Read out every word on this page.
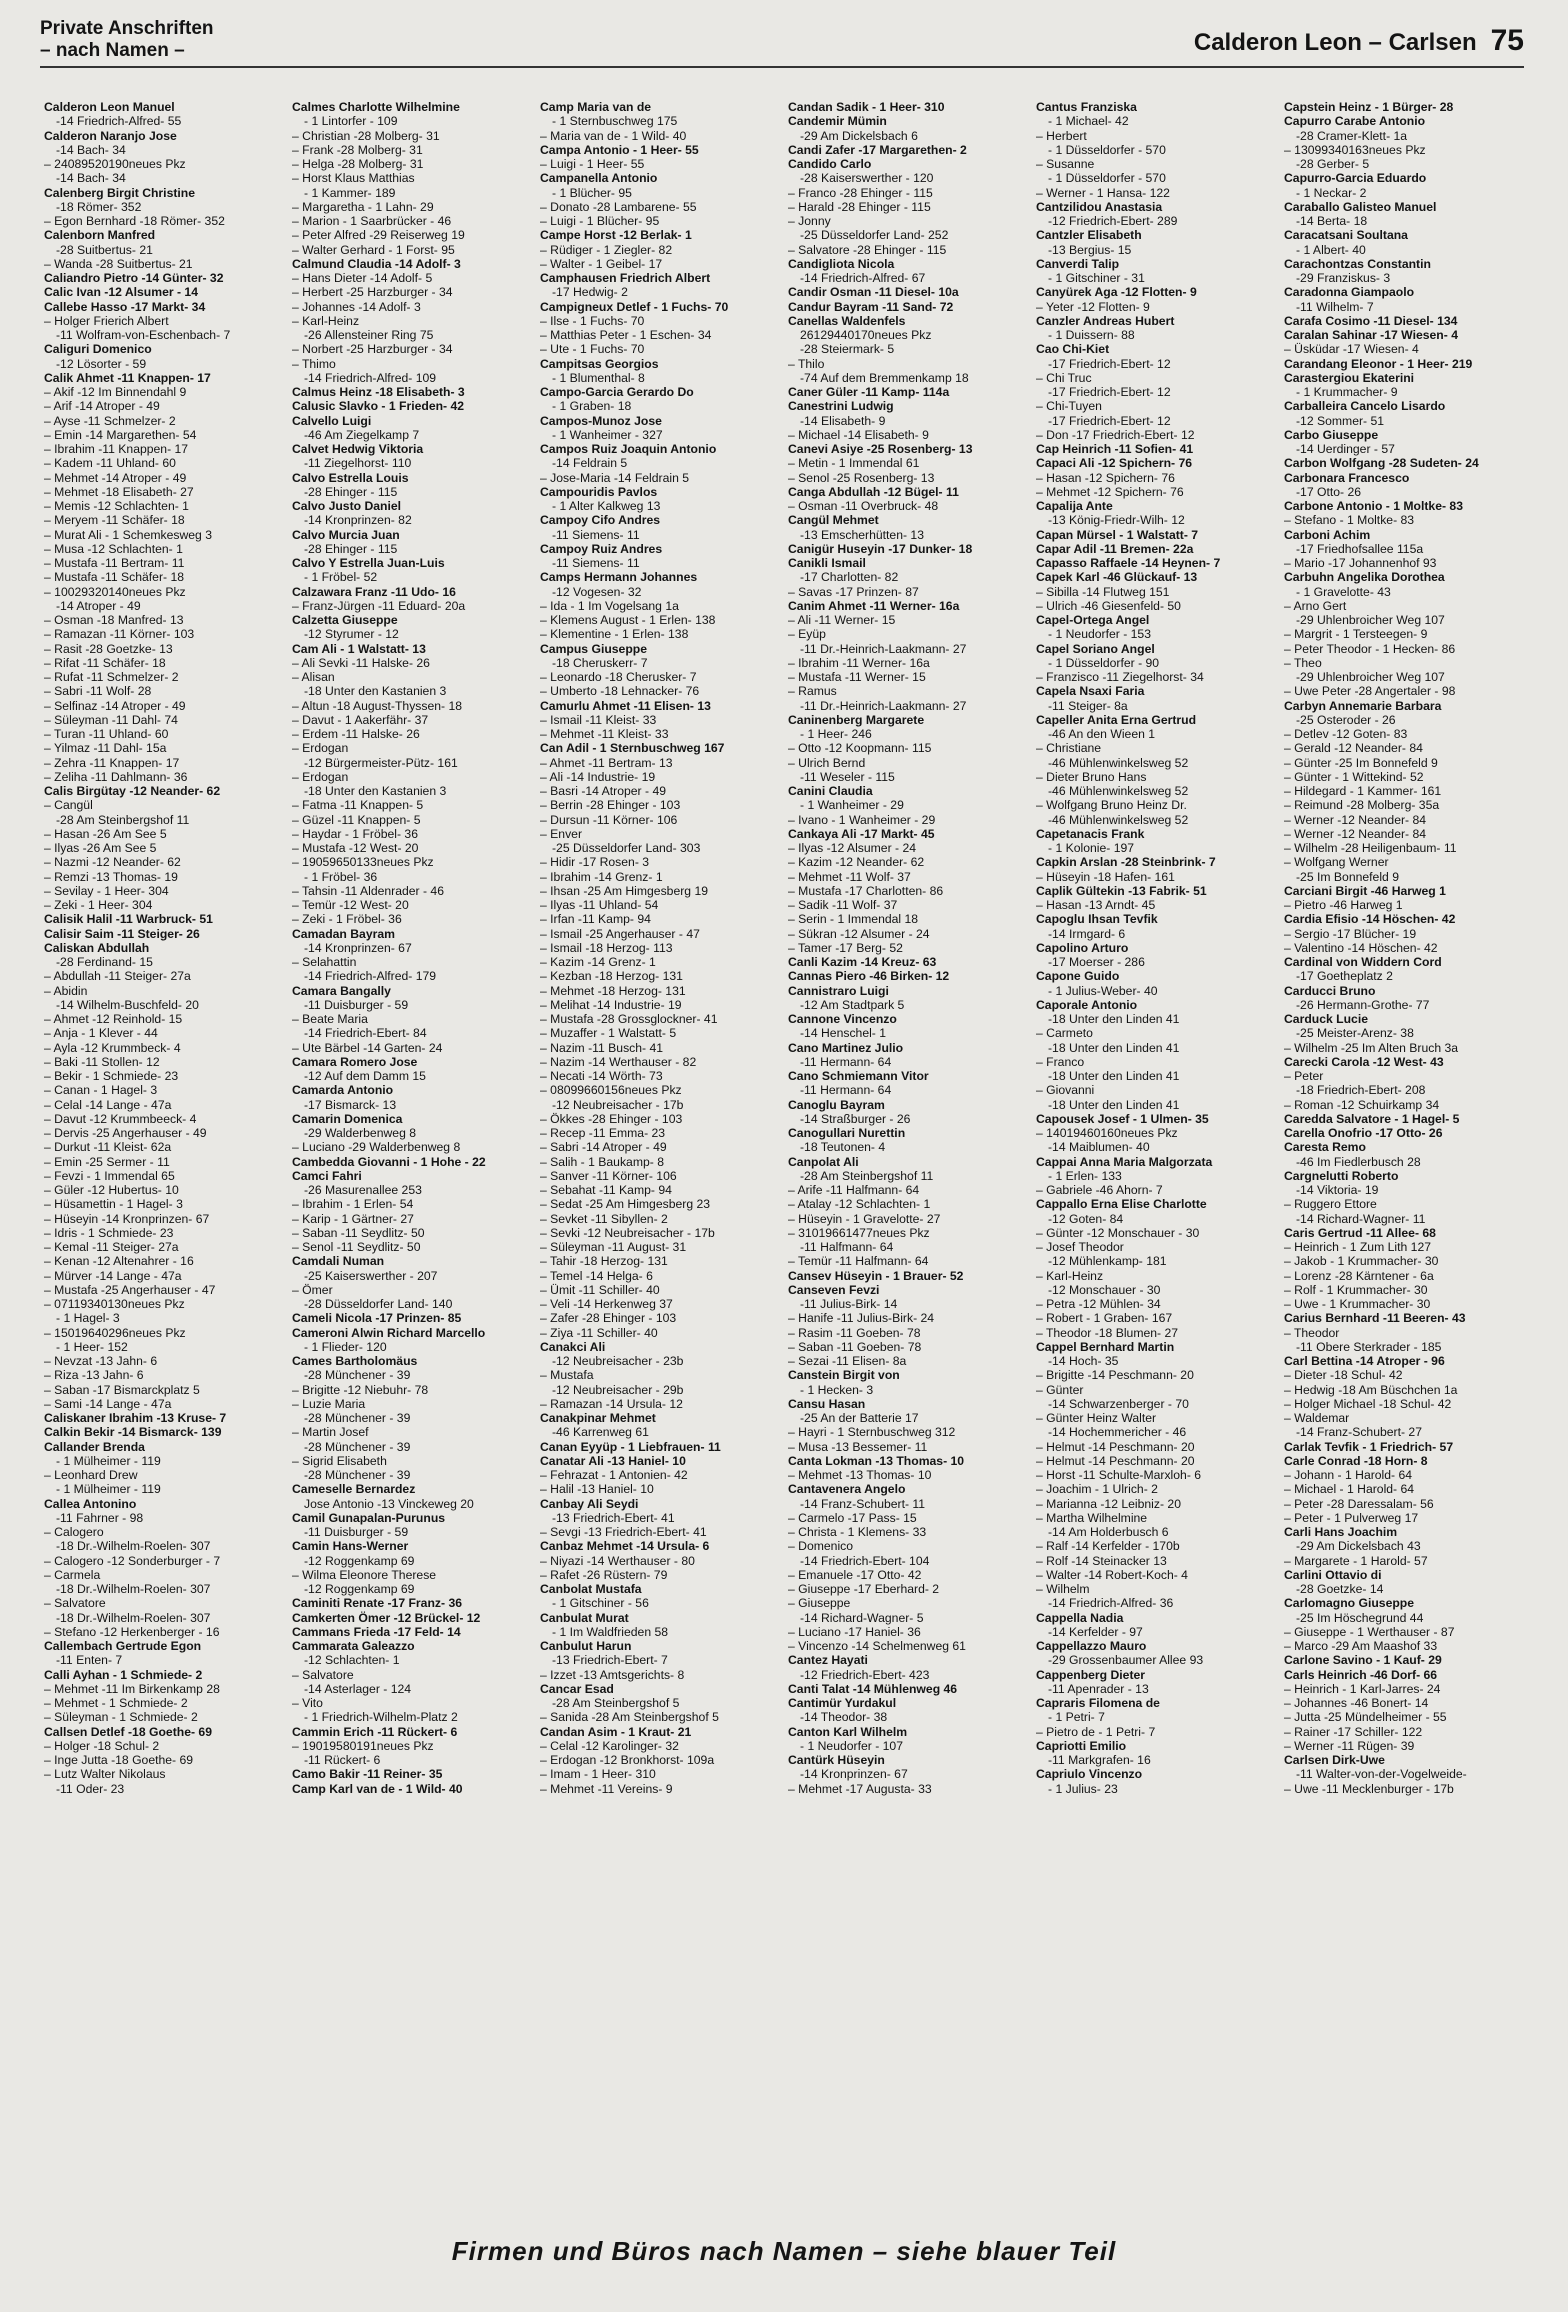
Private Anschriften
– nach Namen –	Calderon Leon – Carlsen 75
Calderon Leon Manuel
-14 Friedrich-Alfred- 55
Calderon Naranjo Jose
-14 Bach- 34
– 24089520190neues Pkz
-14 Bach- 34
Calenberg Birgit Christine
-18 Römer- 352
– Egon Bernhard -18 Römer- 352
Calenborn Manfred
-28 Suitbertus- 21
– Wanda -28 Suitbertus- 21
Caliandro Pietro -14 Günter- 32
Calic Ivan -12 Alsumer - 14
Callebe Hasso -17 Markt- 34
– Holger Frierich Albert
-11 Wolfram-von-Eschenbach- 7
Caliguri Domenico
-12 Lösorter - 59
Calik Ahmet -11 Knappen- 17
– Akif -12 Im Binnendahl 9
– Arif -14 Atroper - 49
– Ayse -11 Schmelzer- 2
– Emin -14 Margarethen- 54
– Ibrahim -11 Knappen- 17
– Kadem -11 Uhland- 60
– Mehmet -14 Atroper - 49
– Mehmet -18 Elisabeth- 27
– Memis -12 Schlachten- 1
– Meryem -11 Schäfer- 18
– Murat Ali - 1 Schemkesweg 3
– Musa -12 Schlachten- 1
– Mustafa -11 Bertram- 11
– Mustafa -11 Schäfer- 18
– 10029320140neues Pkz
-14 Atroper - 49
– Osman -18 Manfred- 13
– Ramazan -11 Körner- 103
– Rasit -28 Goetzke- 13
– Rifat -11 Schäfer- 18
– Rufat -11 Schmelzer- 2
– Sabri -11 Wolf- 28
– Selfinaz -14 Atroper - 49
– Süleyman -11 Dahl- 74
– Turan -11 Uhland- 60
– Yilmaz -11 Dahl- 15a
– Zehra -11 Knappen- 17
– Zeliha -11 Dahlmann- 36
Calis Birgütay -12 Neander- 62
– Cangül
-28 Am Steinbergshof 11
– Hasan -26 Am See 5
– Ilyas -26 Am See 5
– Nazmi -12 Neander- 62
– Remzi -13 Thomas- 19
– Sevilay - 1 Heer- 304
– Zeki - 1 Heer- 304
Calisik Halil -11 Warbruck- 51
Calisir Saim -11 Steiger- 26
Caliskan Abdullah
-28 Ferdinand- 15
– Abdullah -11 Steiger- 27a
– Abidin
-14 Wilhelm-Buschfeld- 20
– Ahmet -12 Reinhold- 15
– Anja - 1 Klever - 44
– Ayla -12 Krummbeck- 4
– Baki -11 Stollen- 12
– Bekir - 1 Schmiede- 23
– Canan - 1 Hagel- 3
– Celal -14 Lange - 47a
– Davut -12 Krummbeeck- 4
– Dervis -25 Angerhauser - 49
– Durkut -11 Kleist- 62a
– Emin -25 Sermer - 11
– Fevzi - 1 Immendal 65
– Güler -12 Hubertus- 10
– Hüsamettin - 1 Hagel- 3
– Hüseyin -14 Kronprinzen- 67
– Idris - 1 Schmiede- 23
– Kemal -11 Steiger- 27a
– Kenan -12 Altenahrer - 16
– Mürver -14 Lange - 47a
– Mustafa -25 Angerhauser - 47
– 07119340130neues Pkz
- 1 Hagel- 3
– 15019640296neues Pkz
- 1 Heer- 152
– Nevzat -13 Jahn- 6
– Riza -13 Jahn- 6
– Saban -17 Bismarckplatz 5
– Sami -14 Lange - 47a
Caliskaner Ibrahim -13 Kruse- 7
Calkin Bekir -14 Bismarck- 139
Callander Brenda
- 1 Mülheimer - 119
– Leonhard Drew
- 1 Mülheimer - 119
Callea Antonino
-11 Fahrner - 98
– Calogero
-18 Dr.-Wilhelm-Roelen- 307
– Calogero -12 Sonderburger - 7
– Carmela
-18 Dr.-Wilhelm-Roelen- 307
– Salvatore
-18 Dr.-Wilhelm-Roelen- 307
– Stefano -12 Herkenberger - 16
Callembach Gertrude Egon
-11 Enten- 7
Calli Ayhan - 1 Schmiede- 2
– Mehmet -11 Im Birkenkamp 28
– Mehmet - 1 Schmiede- 2
– Süleyman - 1 Schmiede- 2
Callsen Detlef -18 Goethe- 69
– Holger -18 Schul- 2
– Inge Jutta -18 Goethe- 69
– Lutz Walter Nikolaus
-11 Oder- 23
Calmes Charlotte Wilhelmine
- 1 Lintorfer - 109
– Christian -28 Molberg- 31
– Frank -28 Molberg- 31
– Helga -28 Molberg- 31
– Horst Klaus Matthias
- 1 Kammer- 189
– Margaretha - 1 Lahn- 29
– Marion - 1 Saarbrücker - 46
– Peter Alfred -29 Reiserweg 19
– Walter Gerhard - 1 Forst- 95
Calmund Claudia -14 Adolf- 3
– Hans Dieter -14 Adolf- 5
– Herbert -25 Harzburger - 34
– Johannes -14 Adolf- 3
– Karl-Heinz
-26 Allensteiner Ring 75
– Norbert -25 Harzburger - 34
– Thimo
-14 Friedrich-Alfred- 109
Calmus Heinz -18 Elisabeth- 3
Calusic Slavko - 1 Frieden- 42
Calvello Luigi
-46 Am Ziegelkamp 7
Calvet Hedwig Viktoria
-11 Ziegelhorst- 110
Calvo Estrella Louis
-28 Ehinger - 115
Calvo Justo Daniel
-14 Kronprinzen- 82
Calvo Murcia Juan
-28 Ehinger - 115
Calvo Y Estrella Juan-Luis
- 1 Fröbel- 52
Calzawara Franz -11 Udo- 16
– Franz-Jürgen -11 Eduard- 20a
Calzetta Giuseppe
-12 Styrumer - 12
Cam Ali - 1 Walstatt- 13
– Ali Sevki -11 Halske- 26
– Alisan
-18 Unter den Kastanien 3
– Altun -18 August-Thyssen- 18
– Davut - 1 Aakerfähr- 37
– Erdem -11 Halske- 26
– Erdogan
-12 Bürgermeister-Pütz- 161
– Erdogan
-18 Unter den Kastanien 3
– Fatma -11 Knappen- 5
– Güzel -11 Knappen- 5
– Haydar - 1 Fröbel- 36
– Mustafa -12 West- 20
– 19059650133neues Pkz
- 1 Fröbel- 36
– Tahsin -11 Aldenrader - 46
– Temür -12 West- 20
– Zeki - 1 Fröbel- 36
Camadan Bayram
-14 Kronprinzen- 67
– Selahattin
-14 Friedrich-Alfred- 179
Camara Bangally
-11 Duisburger - 59
– Beate Maria
-14 Friedrich-Ebert- 84
– Ute Bärbel -14 Garten- 24
Camara Romero Jose
-12 Auf dem Damm 15
Camarda Antonio
-17 Bismarck- 13
Camarin Domenica
-29 Walderbenweg 8
– Luciano -29 Walderbenweg 8
Cambedda Giovanni - 1 Hohe - 22
Camci Fahri
-26 Masurenallee 253
– Ibrahim - 1 Erlen- 54
– Karip - 1 Gärtner- 27
– Saban -11 Seydlitz- 50
– Senol -11 Seydlitz- 50
Camdali Numan
-25 Kaiserswerther - 207
– Ömer
-28 Düsseldorfer Land- 140
Cameli Nicola -17 Prinzen- 85
Cameroni Alwin Richard Marcello
- 1 Flieder- 120
Cames Bartholomäus
-28 Münchener - 39
– Brigitte -12 Niebuhr- 78
– Luzie Maria
-28 Münchener - 39
– Martin Josef
-28 Münchener - 39
– Sigrid Elisabeth
-28 Münchener - 39
Cameselle Bernardez
Jose Antonio -13 Vinckeweg 20
Camil Gunapalan-Purunus
-11 Duisburger - 59
Camin Hans-Werner
-12 Roggenkamp 69
– Wilma Eleonore Therese
-12 Roggenkamp 69
Caminiti Renate -17 Franz- 36
Camkerten Ömer -12 Brückel- 12
Cammans Frieda -17 Feld- 14
Cammarata Galeazzo
-12 Schlachten- 1
– Salvatore
-14 Asterlager - 124
– Vito
- 1 Friedrich-Wilhelm-Platz 2
Cammin Erich -11 Rückert- 6
– 19019580191neues Pkz
-11 Rückert- 6
Camo Bakir -11 Reiner- 35
Camp Karl van de - 1 Wild- 40
Camp Maria van de
- 1 Sternbuschweg 175
– Maria van de - 1 Wild- 40
Campa Antonio - 1 Heer- 55
– Luigi - 1 Heer- 55
Campanella Antonio
- 1 Blücher- 95
– Donato -28 Lambarene- 55
– Luigi - 1 Blücher- 95
Campe Horst -12 Berlak- 1
– Rüdiger - 1 Ziegler- 82
– Walter - 1 Geibel- 17
Camphausen Friedrich Albert
-17 Hedwig- 2
Campigneux Detlef - 1 Fuchs- 70
– Ilse - 1 Fuchs- 70
– Matthias Peter - 1 Eschen- 34
– Ute - 1 Fuchs- 70
Campitsas Georgios
- 1 Blumenthal- 8
Campo-Garcia Gerardo Do
- 1 Graben- 18
Campos-Munoz Jose
- 1 Wanheimer - 327
Campos Ruiz Joaquin Antonio
-14 Feldrain 5
– Jose-Maria -14 Feldrain 5
Campouridis Pavlos
- 1 Alter Kalkweg 13
Campoy Cifo Andres
-11 Siemens- 11
Campoy Ruiz Andres
-11 Siemens- 11
Camps Hermann Johannes
-12 Vogesen- 32
– Ida - 1 Im Vogelsang 1a
– Klemens August - 1 Erlen- 138
– Klementine - 1 Erlen- 138
Campus Giuseppe
-18 Cheruskerr- 7
– Leonardo -18 Cherusker- 7
– Umberto -18 Lehnacker- 76
Camurlu Ahmet -11 Elisen- 13
– Ismail -11 Kleist- 33
– Mehmet -11 Kleist- 33
Can Adil - 1 Sternbuschweg 167
– Ahmet -11 Bertram- 13
– Ali -14 Industrie- 19
– Basri -14 Atroper - 49
– Berrin -28 Ehinger - 103
– Dursun -11 Körner- 106
– Enver
-25 Düsseldorfer Land- 303
– Hidir -17 Rosen- 3
– Ibrahim -14 Grenz- 1
– Ihsan -25 Am Himgesberg 19
– Ilyas -11 Uhland- 54
– Irfan -11 Kamp- 94
– Ismail -25 Angerhauser - 47
– Ismail -18 Herzog- 113
– Kazim -14 Grenz- 1
– Kezban -18 Herzog- 131
– Mehmet -18 Herzog- 131
– Melihat -14 Industrie- 19
– Mustafa -28 Grossglockner- 41
– Muzaffer - 1 Walstatt- 5
– Nazim -11 Busch- 41
– Nazim -14 Werthauser - 82
– Necati -14 Wörth- 73
– 08099660156neues Pkz
-12 Neubreisacher - 17b
– Ökkes -28 Ehinger - 103
– Recep -11 Emma- 23
– Sabri -14 Atroper - 49
– Salih - 1 Baukamp- 8
– Sanver -11 Körner- 106
– Sebahat -11 Kamp- 94
– Sedat -25 Am Himgesberg 23
– Sevket -11 Sibyllen- 2
– Sevki -12 Neubreisacher - 17b
– Süleyman -11 August- 31
– Tahir -18 Herzog- 131
– Temel -14 Helga- 6
– Ümit -11 Schiller- 40
– Veli -14 Herkenweg 37
– Zafer -28 Ehinger - 103
– Ziya -11 Schiller- 40
Canakci Ali
-12 Neubreisacher - 23b
– Mustafa
-12 Neubreisacher - 29b
– Ramazan -14 Ursula- 12
Canakpinar Mehmet
-46 Karrenweg 61
Canan Eyyüp - 1 Liebfrauen- 11
Canatar Ali -13 Haniel- 10
– Fehrazat - 1 Antonien- 42
– Halil -13 Haniel- 10
Canbay Ali Seydi
-13 Friedrich-Ebert- 41
– Sevgi -13 Friedrich-Ebert- 41
Canbaz Mehmet -14 Ursula- 6
– Niyazi -14 Werthauser - 80
– Rafet -26 Rüstern- 79
Canbolat Mustafa
- 1 Gitschiner - 56
Canbulat Murat
- 1 Im Waldfrieden 58
Canbulut Harun
-13 Friedrich-Ebert- 7
– Izzet -13 Amtsgerichts- 8
Cancar Esad
-28 Am Steinbergshof 5
– Sanida -28 Am Steinbergshof 5
Candan Asim - 1 Kraut- 21
– Celal -12 Karolinger- 32
– Erdogan -12 Bronkhorst- 109a
– Imam - 1 Heer- 310
– Mehmet -11 Vereins- 9
Candan Sadik - 1 Heer- 310
Candemir Mümin
-29 Am Dickelsbach 6
Candi Zafer -17 Margarethen- 2
Candido Carlo
-28 Kaiserswerther - 120
– Franco -28 Ehinger - 115
– Harald -28 Ehinger - 115
– Jonny
-25 Düsseldorfer Land- 252
– Salvatore -28 Ehinger - 115
Candigliota Nicola
-14 Friedrich-Alfred- 67
Candir Osman -11 Diesel- 10a
Candur Bayram -11 Sand- 72
Canellas Waldenfels
26129440170neues Pkz
-28 Steiermark- 5
– Thilo
-74 Auf dem Bremmenkamp 18
Caner Güler -11 Kamp- 114a
Canestrini Ludwig
-14 Elisabeth- 9
– Michael -14 Elisabeth- 9
Canevi Asiye -25 Rosenberg- 13
– Metin - 1 Immendal 61
– Senol -25 Rosenberg- 13
Canga Abdullah -12 Bügel- 11
– Osman -11 Overbruck- 48
Cangül Mehmet
-13 Emscherhütten- 13
Canigür Huseyin -17 Dunker- 18
Canikli Ismail
-17 Charlotten- 82
– Savas -17 Prinzen- 87
Canim Ahmet -11 Werner- 16a
– Ali -11 Werner- 15
– Eyüp
-11 Dr.-Heinrich-Laakmann- 27
– Ibrahim -11 Werner- 16a
– Mustafa -11 Werner- 15
– Ramus
-11 Dr.-Heinrich-Laakmann- 27
Caninenberg Margarete
- 1 Heer- 246
– Otto -12 Koopmann- 115
– Ulrich Bernd
-11 Weseler - 115
Canini Claudia
- 1 Wanheimer - 29
– Ivano - 1 Wanheimer - 29
Cankaya Ali -17 Markt- 45
– Ilyas -12 Alsumer - 24
– Kazim -12 Neander- 62
– Mehmet -11 Wolf- 37
– Mustafa -17 Charlotten- 86
– Sadik -11 Wolf- 37
– Serin - 1 Immendal 18
– Sükran -12 Alsumer - 24
– Tamer -17 Berg- 52
Canli Kazim -14 Kreuz- 63
Cannas Piero -46 Birken- 12
Cannistraro Luigi
-12 Am Stadtpark 5
Cannone Vincenzo
-14 Henschel- 1
Cano Martinez Julio
-11 Hermann- 64
Cano Schmiemann Vitor
-11 Hermann- 64
Canoglu Bayram
-14 Straßburger - 26
Canogullari Nurettin
-18 Teutonen- 4
Canpolat Ali
-28 Am Steinbergshof 11
– Arife -11 Halfmann- 64
– Atalay -12 Schlachten- 1
– Hüseyin - 1 Gravelotte- 27
– 31019661477neues Pkz
-11 Halfmann- 64
– Temür -11 Halfmann- 64
Cansev Hüseyin - 1 Brauer- 52
Canseven Fevzi
-11 Julius-Birk- 14
– Hanife -11 Julius-Birk- 24
– Rasim -11 Goeben- 78
– Saban -11 Goeben- 78
– Sezai -11 Elisen- 8a
Canstein Birgit von
- 1 Hecken- 3
Cansu Hasan
-25 An der Batterie 17
– Hayri - 1 Sternbuschweg 312
– Musa -13 Bessemer- 11
Canta Lokman -13 Thomas- 10
– Mehmet -13 Thomas- 10
Cantavenera Angelo
-14 Franz-Schubert- 11
– Carmelo -17 Pass- 15
– Christa - 1 Klemens- 33
– Domenico
-14 Friedrich-Ebert- 104
– Emanuele -17 Otto- 42
– Giuseppe -17 Eberhard- 2
– Giuseppe
-14 Richard-Wagner- 5
– Luciano -17 Haniel- 36
– Vincenzo -14 Schelmenweg 61
Cantez Hayati
-12 Friedrich-Ebert- 423
Canti Talat -14 Mühlenweg 46
Cantimür Yurdakul
-14 Theodor- 38
Canton Karl Wilhelm
- 1 Neudorfer - 107
Cantürk Hüseyin
-14 Kronprinzen- 67
– Mehmet -17 Augusta- 33
Cantus Franziska
- 1 Michael- 42
– Herbert
- 1 Düsseldorfer - 570
– Susanne
- 1 Düsseldorfer - 570
– Werner - 1 Hansa- 122
Cantzilidou Anastasia
-12 Friedrich-Ebert- 289
Cantzler Elisabeth
-13 Bergius- 15
Canverdi Talip
- 1 Gitschiner - 31
Canyürek Aga -12 Flotten- 9
– Yeter -12 Flotten- 9
Canzler Andreas Hubert
- 1 Duissern- 88
Cao Chi-Kiet
-17 Friedrich-Ebert- 12
– Chi Truc
-17 Friedrich-Ebert- 12
– Chi-Tuyen
-17 Friedrich-Ebert- 12
– Don -17 Friedrich-Ebert- 12
Cap Heinrich -11 Sofien- 41
Capaci Ali -12 Spichern- 76
– Hasan -12 Spichern- 76
– Mehmet -12 Spichern- 76
Capalija Ante
-13 König-Friedr-Wilh- 12
Capan Mürsel - 1 Walstatt- 7
Capar Adil -11 Bremen- 22a
Capasso Raffaele -14 Heynen- 7
Capek Karl -46 Glückauf- 13
– Sibilla -14 Flutweg 151
– Ulrich -46 Giesenfeld- 50
Capel-Ortega Angel
- 1 Neudorfer - 153
Capel Soriano Angel
- 1 Düsseldorfer - 90
– Franzisco -11 Ziegelhorst- 34
Capela Nsaxi Faria
-11 Steiger- 8a
Capeller Anita Erna Gertrud
-46 An den Wieen 1
– Christiane
-46 Mühlenwinkelsweg 52
– Dieter Bruno Hans
-46 Mühlenwinkelsweg 52
– Wolfgang Bruno Heinz Dr.
-46 Mühlenwinkelsweg 52
Capetanacis Frank
- 1 Kolonie- 197
Capkin Arslan -28 Steinbrink- 7
– Hüseyin -18 Hafen- 161
Caplik Gültekin -13 Fabrik- 51
– Hasan -13 Arndt- 45
Capoglu Ihsan Tevfik
-14 Irmgard- 6
Capolino Arturo
-17 Moerser - 286
Capone Guido
- 1 Julius-Weber- 40
Caporale Antonio
-18 Unter den Linden 41
– Carmeto
-18 Unter den Linden 41
– Franco
-18 Unter den Linden 41
– Giovanni
-18 Unter den Linden 41
Capousek Josef - 1 Ulmen- 35
– 14019460160neues Pkz
-14 Maiblumen- 40
Cappai Anna Maria Malgorzata
- 1 Erlen- 133
– Gabriele -46 Ahorn- 7
Cappallo Erna Elise Charlotte
-12 Goten- 84
– Günter -12 Monschauer - 30
– Josef Theodor
-12 Mühlenkamp- 181
– Karl-Heinz
-12 Monschauer - 30
– Petra -12 Mühlen- 34
– Robert - 1 Graben- 167
– Theodor -18 Blumen- 27
Cappel Bernhard Martin
-14 Hoch- 35
– Brigitte -14 Peschmann- 20
– Günter
-14 Schwarzenberger - 70
– Günter Heinz Walter
-14 Hochemmericher - 46
– Helmut -14 Peschmann- 20
– Helmut -14 Peschmann- 20
– Horst -11 Schulte-Marxloh- 6
– Joachim - 1 Ulrich- 2
– Marianna -12 Leibniz- 20
– Martha Wilhelmine
-14 Am Holderbusch 6
– Ralf -14 Kerfelder - 170b
– Rolf -14 Steinacker 13
– Walter -14 Robert-Koch- 4
– Wilhelm
-14 Friedrich-Alfred- 36
Cappella Nadia
-14 Kerfelder - 97
Cappellazzo Mauro
-29 Grossenbaumer Allee 93
Cappenberg Dieter
-11 Apenrader - 13
Capraris Filomena de
- 1 Petri- 7
– Pietro de - 1 Petri- 7
Capriotti Emilio
-11 Markgrafen- 16
Capriulo Vincenzo
- 1 Julius- 23
Capstein Heinz - 1 Bürger- 28
Capurro Carabe Antonio
-28 Cramer-Klett- 1a
– 13099340163neues Pkz
-28 Gerber- 5
Capurro-Garcia Eduardo
- 1 Neckar- 2
Caraballo Galisteo Manuel
-14 Berta- 18
Caracatsani Soultana
- 1 Albert- 40
Carachontzas Constantin
-29 Franziskus- 3
Caradonna Giampaolo
-11 Wilhelm- 7
Carafa Cosimo -11 Diesel- 134
Caralan Sahinar -17 Wiesen- 4
– Üsküdar -17 Wiesen- 4
Carandang Eleonor - 1 Heer- 219
Carastergiou Ekaterini
- 1 Krummacher- 9
Carballeira Cancelo Lisardo
-12 Sommer- 51
Carbo Giuseppe
-14 Uerdinger - 57
Carbon Wolfgang -28 Sudeten- 24
Carbonara Francesco
-17 Otto- 26
Carbone Antonio - 1 Moltke- 83
– Stefano - 1 Moltke- 83
Carboni Achim
-17 Friedhofsallee 115a
– Mario -17 Johannenhof 93
Carbuhn Angelika Dorothea
- 1 Gravelotte- 43
– Arno Gert
-29 Uhlenbroicher Weg 107
– Margrit - 1 Tersteegen- 9
– Peter Theodor - 1 Hecken- 86
– Theo
-29 Uhlenbroicher Weg 107
– Uwe Peter -28 Angertaler - 98
Carbyn Annemarie Barbara
-25 Osteroder - 26
– Detlev -12 Goten- 83
– Gerald -12 Neander- 84
– Günter -25 Im Bonnefeld 9
– Günter - 1 Wittekind- 52
– Hildegard - 1 Kammer- 161
– Reimund -28 Molberg- 35a
– Werner -12 Neander- 84
– Werner -12 Neander- 84
– Wilhelm -28 Heiligenbaum- 11
– Wolfgang Werner
-25 Im Bonnefeld 9
Carciani Birgit -46 Harweg 1
– Pietro -46 Harweg 1
Cardia Efisio -14 Höschen- 42
– Sergio -17 Blücher- 19
– Valentino -14 Höschen- 42
Cardinal von Widdern Cord
-17 Goetheplatz 2
Carducci Bruno
-26 Hermann-Grothe- 77
Carduck Lucie
-25 Meister-Arenz- 38
– Wilhelm -25 Im Alten Bruch 3a
Carecki Carola -12 West- 43
– Peter
-18 Friedrich-Ebert- 208
– Roman -12 Schuirkamp 34
Caredda Salvatore - 1 Hagel- 5
Carella Onofrio -17 Otto- 26
Caresta Remo
-46 Im Fiedlerbusch 28
Cargnelutti Roberto
-14 Viktoria- 19
– Ruggero Ettore
-14 Richard-Wagner- 11
Caris Gertrud -11 Allee- 68
– Heinrich - 1 Zum Lith 127
– Jakob - 1 Krummacher- 30
– Lorenz -28 Kärntener - 6a
– Rolf - 1 Krummacher- 30
– Uwe - 1 Krummacher- 30
Carius Bernhard -11 Beeren- 43
– Theodor
-11 Obere Sterkrader - 185
Carl Bettina -14 Atroper - 96
– Dieter -18 Schul- 42
– Hedwig -18 Am Büschchen 1a
– Holger Michael -18 Schul- 42
– Waldemar
-14 Franz-Schubert- 27
Carlak Tevfik - 1 Friedrich- 57
Carle Conrad -18 Horn- 8
– Johann - 1 Harold- 64
– Michael - 1 Harold- 64
– Peter -28 Daressalam- 56
– Peter - 1 Pulverweg 17
Carli Hans Joachim
-29 Am Dickelsbach 43
– Margarete - 1 Harold- 57
Carlini Ottavio di
-28 Goetzke- 14
Carlomagno Giuseppe
-25 Im Höschegrund 44
– Giuseppe - 1 Werthauser - 87
– Marco -29 Am Maashof 33
Carlone Savino - 1 Kauf- 29
Carls Heinrich -46 Dorf- 66
– Heinrich - 1 Karl-Jarres- 24
– Johannes -46 Bonert- 14
– Jutta -25 Mündelheimer - 55
– Rainer -17 Schiller- 122
– Werner -11 Rügen- 39
Carlsen Dirk-Uwe
-11 Walter-von-der-Vogelweide-
– Uwe -11 Mecklenburger - 17b
Firmen und Büros nach Namen – siehe blauer Teil
